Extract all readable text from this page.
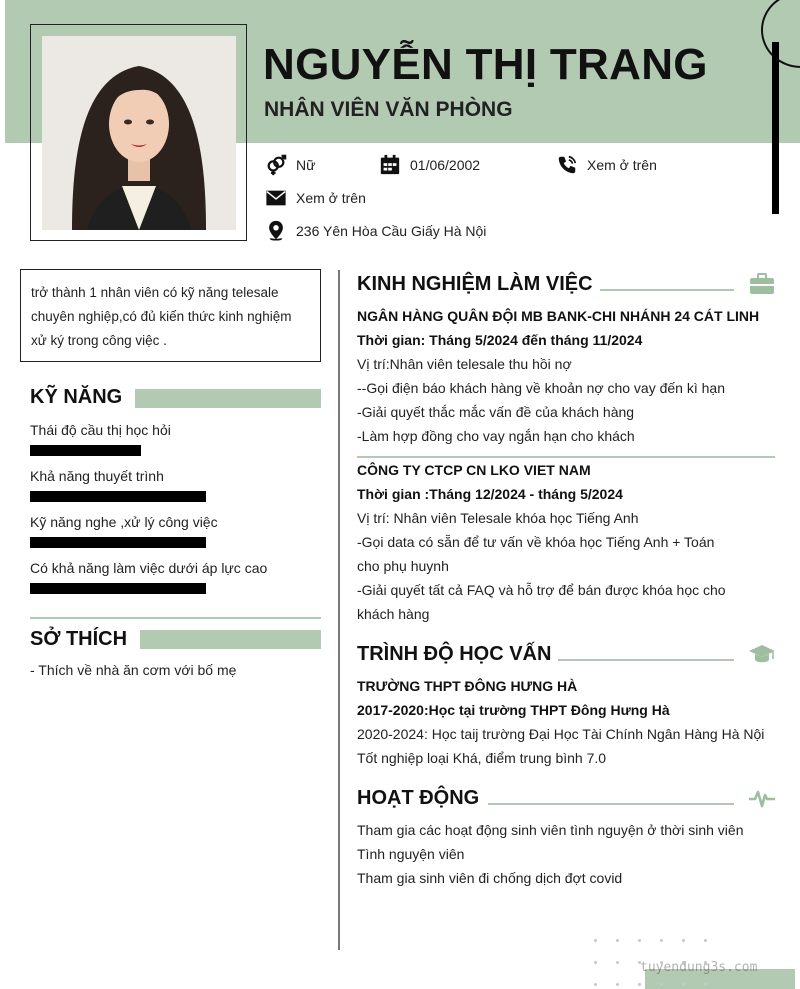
NGUYỄN THỊ TRANG
NHÂN VIÊN VĂN PHÒNG
Nữ	01/06/2002	Xem ở trên
Xem ở trên
236 Yên Hòa Cầu Giấy Hà Nội
trở thành 1 nhân viên có kỹ năng telesale
chuyên nghiệp,có đủ kiến thức kinh nghiệm
xử ký trong công việc .
KỸ NĂNG
Thái độ cầu thị học hỏi
Khả năng thuyết trình
Kỹ năng nghe ,xử lý công việc
Có khả năng làm việc dưới áp lực cao
SỞ THÍCH
- Thích về nhà ăn cơm với bố mẹ
KINH NGHIỆM LÀM VIỆC
NGÂN HÀNG QUÂN ĐỘI MB BANK-CHI NHÁNH 24 CÁT LINH
Thời gian: Tháng 5/2024 đến tháng 11/2024
Vị trí:Nhân viên telesale thu hồi nợ
--Gọi điện báo khách hàng về khoản nợ cho vay đến kì hạn
-Giải quyết thắc mắc vấn đề của khách hàng
-Làm hợp đồng cho vay ngắn hạn cho khách
CÔNG TY CTCP CN LKO VIET NAM
Thời gian :Tháng 12/2024 - tháng 5/2024
Vị trí: Nhân viên Telesale khóa học Tiếng Anh
-Gọi data có sẵn để tư vấn về khóa học Tiếng Anh + Toán
cho phụ huynh
-Giải quyết tất cả FAQ và hỗ trợ để bán được khóa học cho
khách hàng
TRÌNH ĐỘ HỌC VẤN
TRƯỜNG THPT ĐÔNG HƯNG HÀ
2017-2020:Học tại trường THPT Đông Hưng Hà
2020-2024: Học taij trường Đại Học Tài Chính Ngân Hàng Hà Nội
Tốt nghiệp loại Khá, điểm trung bình 7.0
HOẠT ĐỘNG
Tham gia các hoạt động sinh viên tình nguyện ở thời sinh viên
Tình nguyện viên
Tham gia sinh viên đi chống dịch đợt covid
tuyendung3s.com
